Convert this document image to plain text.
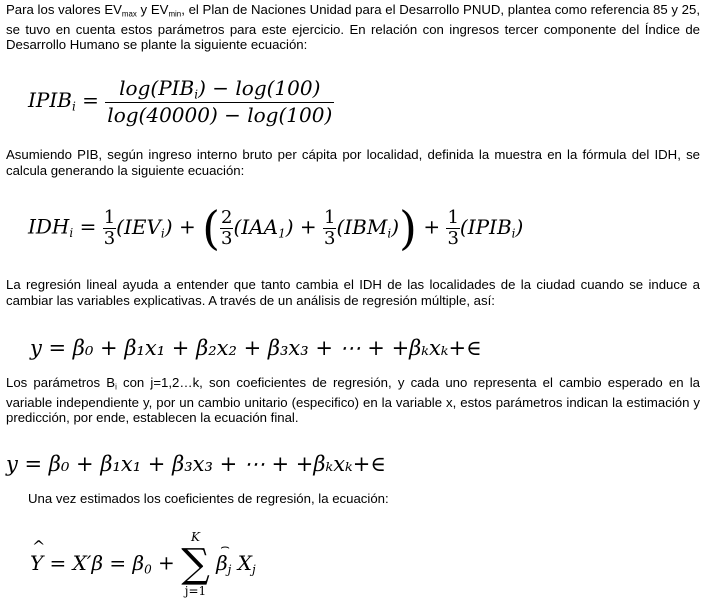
Para los valores $EV_{max}$ y $EV_{min}$, el Plan de Naciones Unidad para el Desarrollo PNUD, plantea como referencia 85 y 25, se tuvo en cuenta estos parámetros para este ejercicio. En relación con ingresos tercer componente del Índice de Desarrollo Humano se plante la siguiente ecuación:
$IPIB_i = \frac{\log(PIB_i) - \log(100)}{\log(40000) - \log(100)}$
Asumiendo PIB, según ingreso interno bruto per cápita por localidad, definida la muestra en la fórmula del IDH, se calcula generando la siguiente ecuación:
$IDH_i = \frac{1}{3} (IEV_i)$ + ( $\frac{2}{3} (IAA_1) + \frac{1}{3} (IBM_i)) + \frac{1}{3}$ $(IPIB_i)$
La regresión lineal ayuda a entender que tanto cambia el IDH de las localidades de la ciudad cuando se induce a cambiar las variables explicativas. A través de un análisis de regresión múltiple, así:
y = β₀ + β₁x₁ + β₂x₂ + β₃x₃ + ⋯ + +βₖxₖ+∈
Los parámetros $B_i$ con j=1,2…k, son coeficientes de regresión, y cada uno representa el cambio esperado en la variable independiente y, por un cambio unitario (especifico) en la variable x, estos parámetros indican la estimación y predicción, por ende, establecen la ecuación final.
y = β₀ + β₁x₁ + β₃x₃ + ⋯ + +βₖxₖ+∈
Una vez estimados los coeficientes de regresión, la ecuación:
^ $Y = X'\beta = \beta_0$ +
K
∑
j=1
⌢ $\beta_j$ $X_j$
